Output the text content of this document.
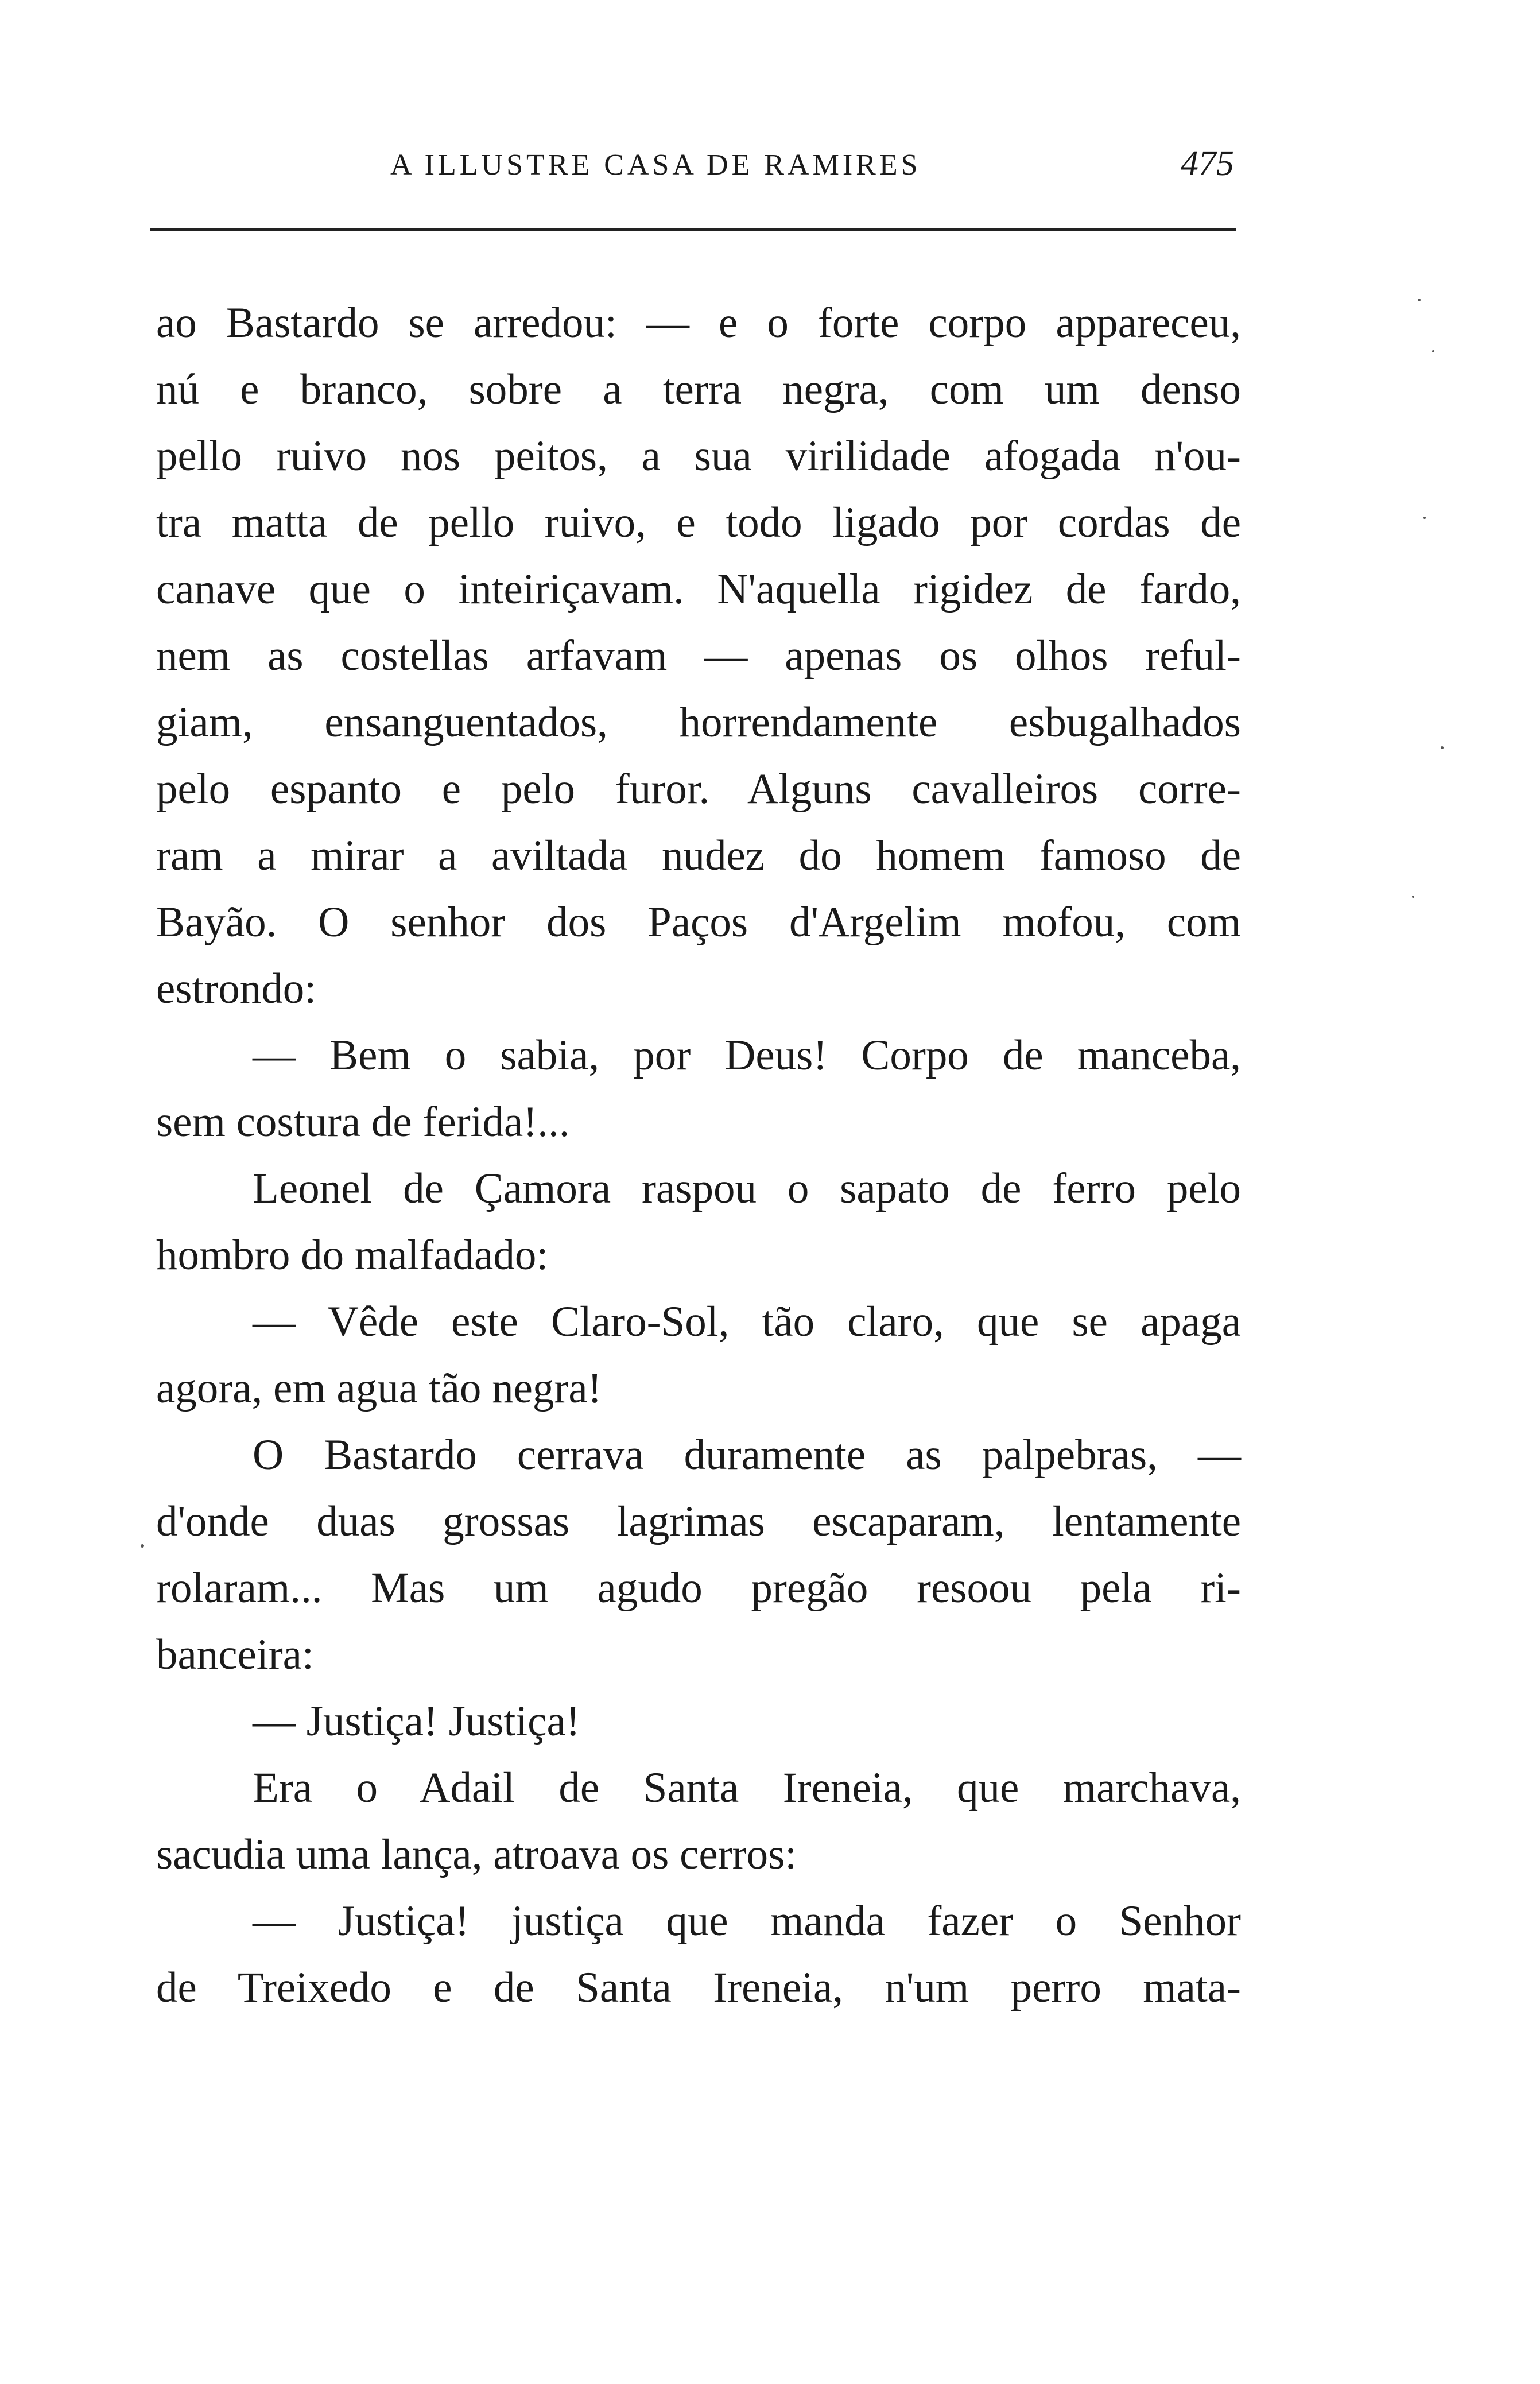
A ILLUSTRE CASA DE RAMIRES	475
ao Bastardo se arredou: — e o forte corpo appareceu,
nú e branco, sobre a terra negra, com um denso
pello ruivo nos peitos, a sua virilidade afogada n'ou-
tra matta de pello ruivo, e todo ligado por cordas de
canave que o inteiriçavam. N'aquella rigidez de fardo,
nem as costellas arfavam — apenas os olhos reful-
giam, ensanguentados, horrendamente esbugalhados
pelo espanto e pelo furor. Alguns cavalleiros corre-
ram a mirar a aviltada nudez do homem famoso de
Bayão. O senhor dos Paços d'Argelim mofou, com
estrondo:
— Bem o sabia, por Deus! Corpo de manceba,
sem costura de ferida!...
Leonel de Çamora raspou o sapato de ferro pelo
hombro do malfadado:
— Vêde este Claro-Sol, tão claro, que se apaga
agora, em agua tão negra!
O Bastardo cerrava duramente as palpebras, —
d'onde duas grossas lagrimas escaparam, lentamente
rolaram... Mas um agudo pregão resoou pela ri-
banceira:
— Justiça! Justiça!
Era o Adail de Santa Ireneia, que marchava,
sacudia uma lança, atroava os cerros:
— Justiça! justiça que manda fazer o Senhor
de Treixedo e de Santa Ireneia, n'um perro mata-
